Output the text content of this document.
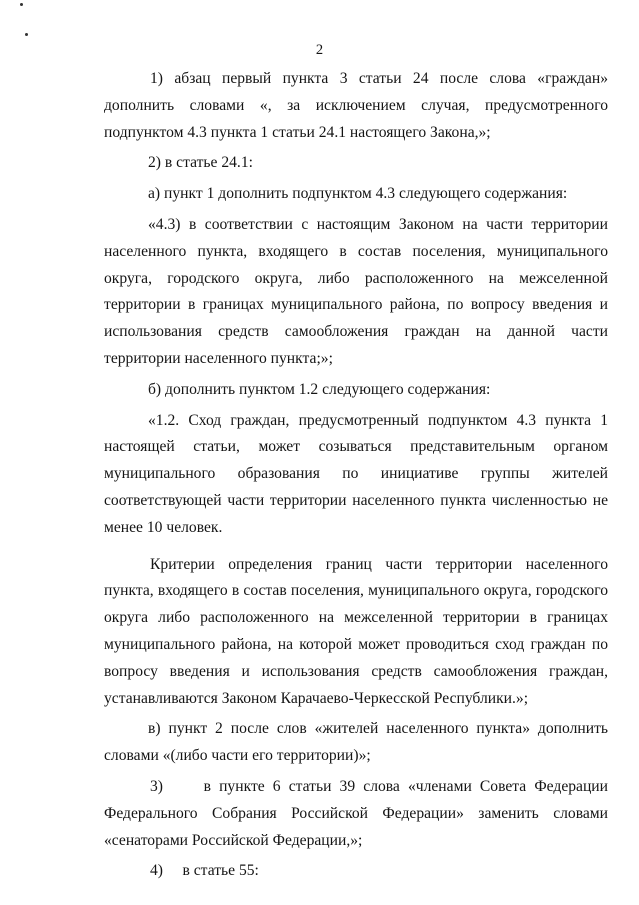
2

1) абзац первый пункта 3 статьи 24 после слова «граждан» дополнить словами «, за исключением случая, предусмотренного подпунктом 4.3 пункта 1 статьи 24.1 настоящего Закона,»;

2) в статье 24.1:

а) пункт 1 дополнить подпунктом 4.3 следующего содержания:

«4.3) в соответствии с настоящим Законом на части территории населенного пункта, входящего в состав поселения, муниципального округа, городского округа, либо расположенного на межселенной территории в границах муниципального района, по вопросу введения и использования средств самообложения граждан на данной части территории населенного пункта;»;

б) дополнить пунктом 1.2 следующего содержания:

«1.2. Сход граждан, предусмотренный подпунктом 4.3 пункта 1 настоящей статьи, может созываться представительным органом муниципального образования по инициативе группы жителей соответствующей части территории населенного пункта численностью не менее 10 человек.

Критерии определения границ части территории населенного пункта, входящего в состав поселения, муниципального округа, городского округа либо расположенного на межселенной территории в границах муниципального района, на которой может проводиться сход граждан по вопросу введения и использования средств самообложения граждан, устанавливаются Законом Карачаево-Черкесской Республики.»;

в) пункт 2 после слов «жителей населенного пункта» дополнить словами «(либо части его территории)»;

3)	в пункте 6 статьи 39 слова «членами Совета Федерации Федерального Собрания Российской Федерации» заменить словами «сенаторами Российской Федерации,»;

4) в статье 55:
